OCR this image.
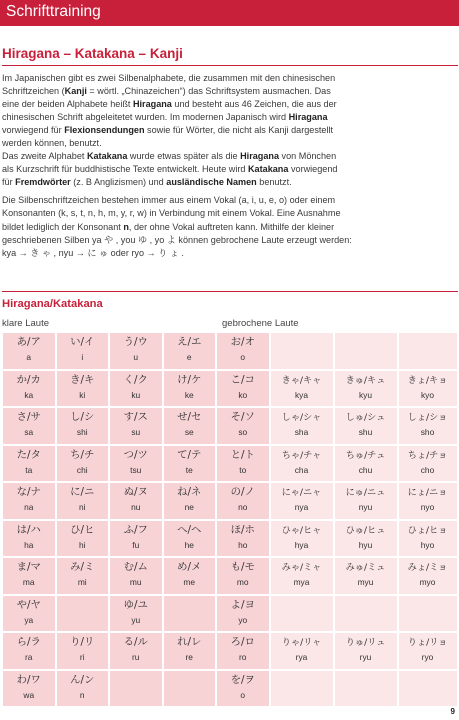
Schrifttraining
Hiragana – Katakana – Kanji

Im Japanischen gibt es zwei Silbenalphabete, die zusammen mit den chinesischen

Schriftzeichen (Kanji = wörtl. „Chinazeichen“) das Schriftsystem ausmachen. Das

eine der beiden Alphabete heißt Hiragana und besteht aus 46 Zeichen, die aus der

chinesischen Schrift abgeleitetet wurden. Im modernen Japanisch wird Hiragana

vorwiegend für Flexionsendungen sowie für Wörter, die nicht als Kanji dargestellt

werden können, benutzt.

Das zweite Alphabet Katakana wurde etwas später als die Hiragana von Mönchen

als Kurzschrift für buddhistische Texte entwickelt. Heute wird Katakana vorwiegend

für Fremdwörter (z. B Anglizismen) und ausländische Namen benutzt.

Die Silbenschriftzeichen bestehen immer aus einem Vokal (a, i, u, e, o) oder einem

Konsonanten (k, s, t, n, h, m, y, r, w) in Verbindung mit einem Vokal. Eine Ausnahme

bildet lediglich der Konsonant n, der ohne Vokal auftreten kann. Mithilfe der kleiner

geschriebenen Silben ya や , you ゆ , yo よ können gebrochene Laute erzeugt werden:

kya → き ゃ , nyu → に ゅ oder ryo → り ょ .

Hiragana/Katakana
klare Laute	gebrochene Laute
あ/ア
a
い/イ
i
う/ウ
u
え/エ
e
お/オ
o
か/カ
ka
き/キ
ki
く/ク
ku
け/ケ
ke
こ/コ
ko
きゃ/キャ
kya
きゅ/キュ
kyu
きょ/キョ
kyo
さ/サ
sa
し/シ
shi
す/ス
su
せ/セ
se
そ/ソ
so
しゃ/シャ
sha
しゅ/シュ
shu
しょ/ショ
sho
た/タ
ta
ち/チ
chi
つ/ツ
tsu
て/テ
te
と/ト
to
ちゃ/チャ
cha
ちゅ/チュ
chu
ちょ/チョ
cho
な/ナ
na
に/ニ
ni
ぬ/ヌ
nu
ね/ネ
ne
の/ノ
no
にゃ/ニャ
nya
にゅ/ニュ
nyu
にょ/ニョ
nyo
は/ハ
ha
ひ/ヒ
hi
ふ/フ
fu
へ/ヘ
he
ほ/ホ
ho
ひゃ/ヒャ
hya
ひゅ/ヒュ
hyu
ひょ/ヒョ
hyo
ま/マ
ma
み/ミ
mi
む/ム
mu
め/メ
me
も/モ
mo
みゃ/ミャ
mya
みゅ/ミュ
myu
みょ/ミョ
myo
や/ヤ
ya
ゆ/ユ
yu
よ/ヨ
yo
ら/ラ
ra
り/リ
ri
る/ル
ru
れ/レ
re
ろ/ロ
ro
りゃ/リャ
rya
りゅ/リュ
ryu
りょ/リョ
ryo
わ/ワ
wa
ん/ン
n
を/ヲ
o
9
